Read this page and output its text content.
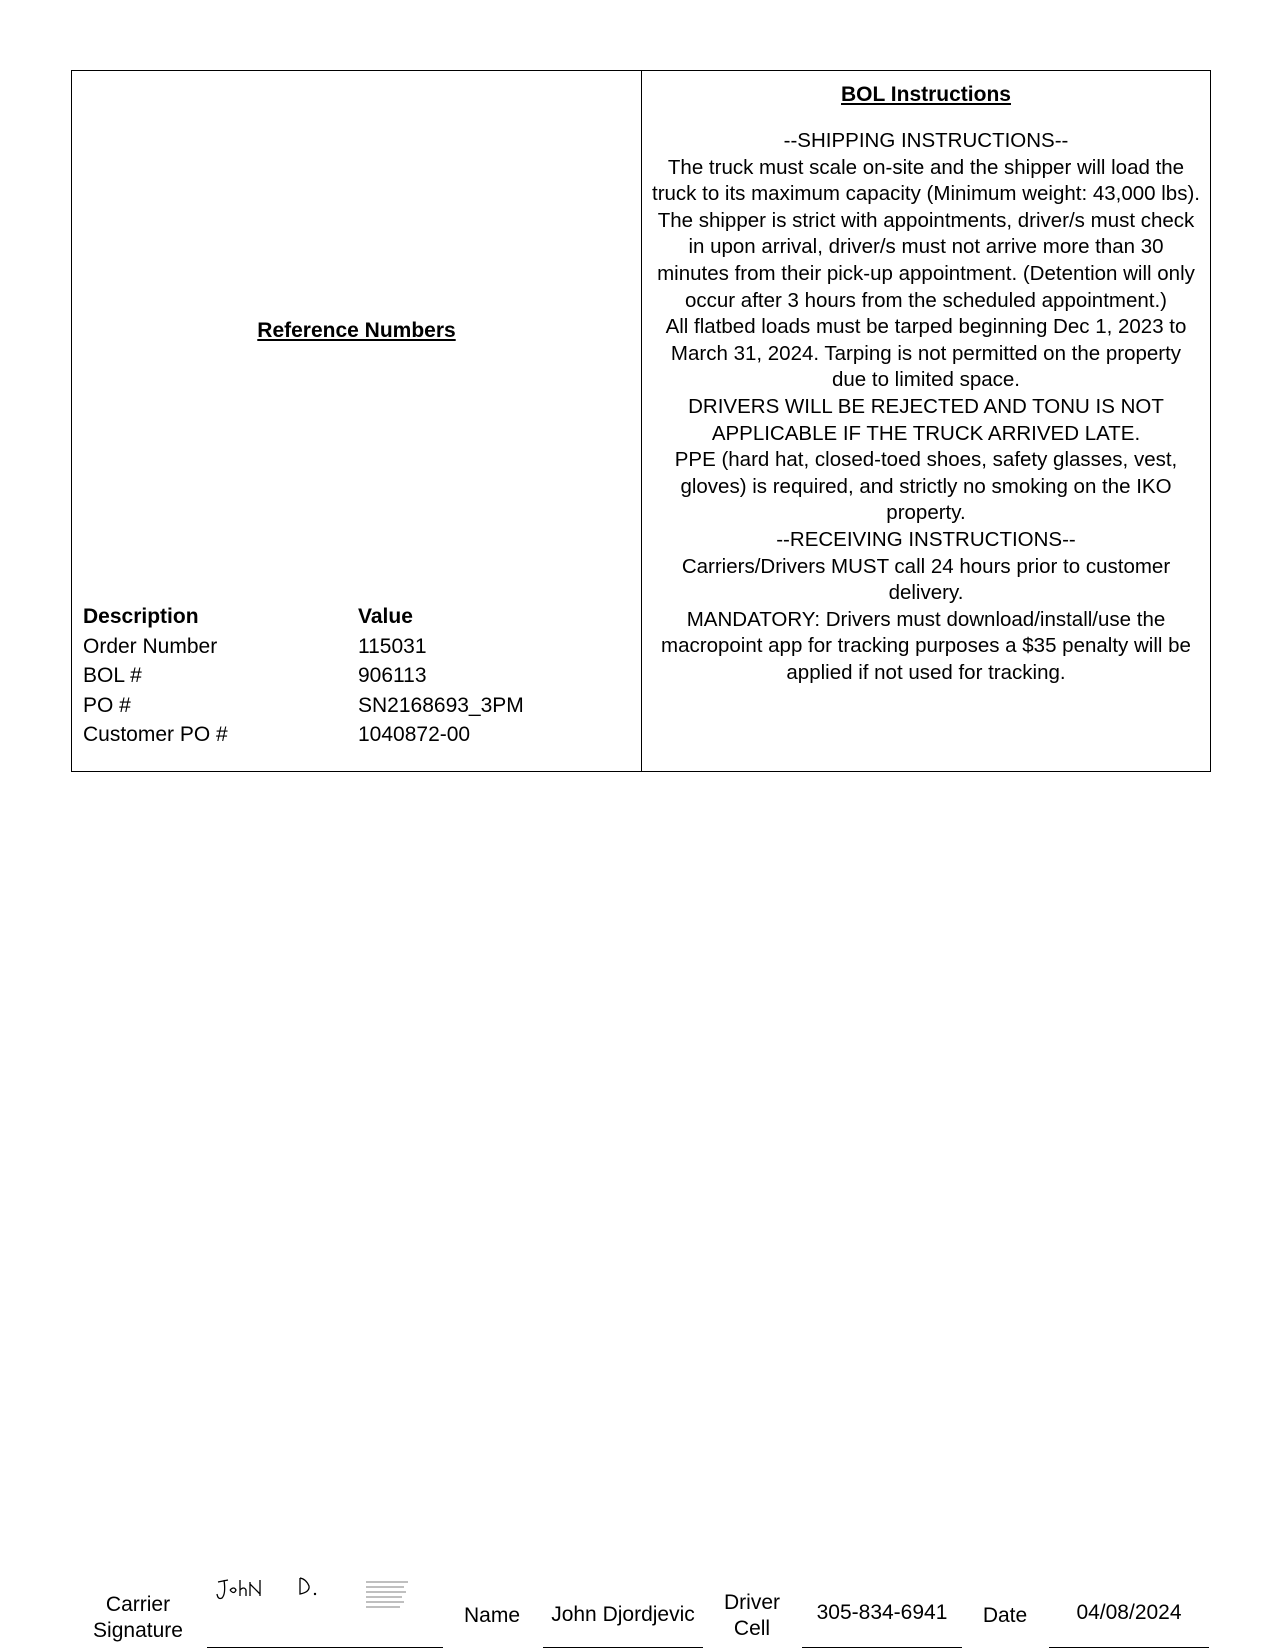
Reference Numbers
Description	Value
Order Number	115031
BOL #	906113
PO #	SN2168693_3PM
Customer PO #	1040872-00
BOL Instructions

--SHIPPING INSTRUCTIONS--

The truck must scale on-site and the shipper will load the truck to its maximum capacity (Minimum weight: 43,000 lbs).

The shipper is strict with appointments, driver/s must check in upon arrival, driver/s must not arrive more than 30 minutes from their pick-up appointment. (Detention will only occur after 3 hours from the scheduled appointment.)

All flatbed loads must be tarped beginning Dec 1, 2023 to March 31, 2024. Tarping is not permitted on the property due to limited space.

DRIVERS WILL BE REJECTED AND TONU IS NOT APPLICABLE IF THE TRUCK ARRIVED LATE.

PPE (hard hat, closed-toed shoes, safety glasses, vest, gloves) is required, and strictly no smoking on the IKO property.

--RECEIVING INSTRUCTIONS--

Carriers/Drivers MUST call 24 hours prior to customer delivery.

MANDATORY: Drivers must download/install/use the macropoint app for tracking purposes a $35 penalty will be applied if not used for tracking.

Carrier
Signature
Name	John Djordjevic
Driver
Cell
305-834-6941	Date	04/08/2024
